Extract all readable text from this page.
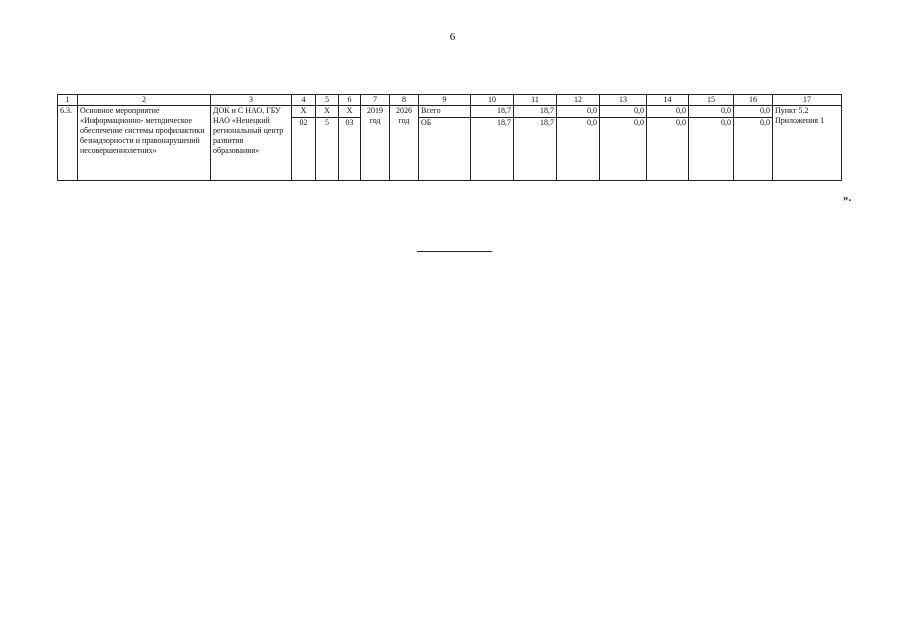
6
1	2	3	4	5	6	7	8	9	10	11	12	13	14	15	16	17
6.3.	Основное мероприятие «Информационно- методическое обеспечение системы профилактики безнадзорности и правонарушений несовершеннолетних»	ДОК и С НАО, ГБУ НАО «Ненецкий региональный центр развития образования»	X	X	X	2019 год	2026 год	Всего	18,7	18,7	0,0	0,0	0,0	0,0	0,0	Пункт 5.2 Приложения 1
			02	5	03			ОБ	18,7	18,7	0,0	0,0	0,0	0,0	0,0	
».
